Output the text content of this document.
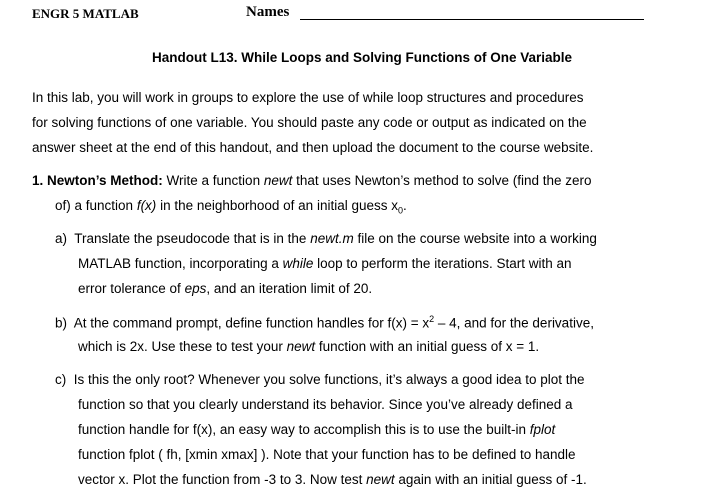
ENGR 5 MATLAB	Names
Handout L13. While Loops and Solving Functions of One Variable
In this lab, you will work in groups to explore the use of while loop structures and procedures
for solving functions of one variable. You should paste any code or output as indicated on the
answer sheet at the end of this handout, and then upload the document to the course website.
1. Newton’s Method: Write a function newt that uses Newton’s method to solve (find the zero
of) a function f(x) in the neighborhood of an initial guess $x_0$.
a) Translate the pseudocode that is in the newt.m file on the course website into a working
MATLAB function, incorporating a while loop to perform the iterations. Start with an
error tolerance of eps, and an iteration limit of 20.
b) At the command prompt, define function handles for $f(x) = x^2 - 4$, and for the derivative,
which is 2x. Use these to test your newt function with an initial guess of x = 1.
c) Is this the only root? Whenever you solve functions, it’s always a good idea to plot the
function so that you clearly understand its behavior. Since you’ve already defined a
function handle for f(x), an easy way to accomplish this is to use the built-in fplot
function fplot ( fh, [xmin xmax] ). Note that your function has to be defined to handle
vector x. Plot the function from -3 to 3. Now test newt again with an initial guess of -1.
